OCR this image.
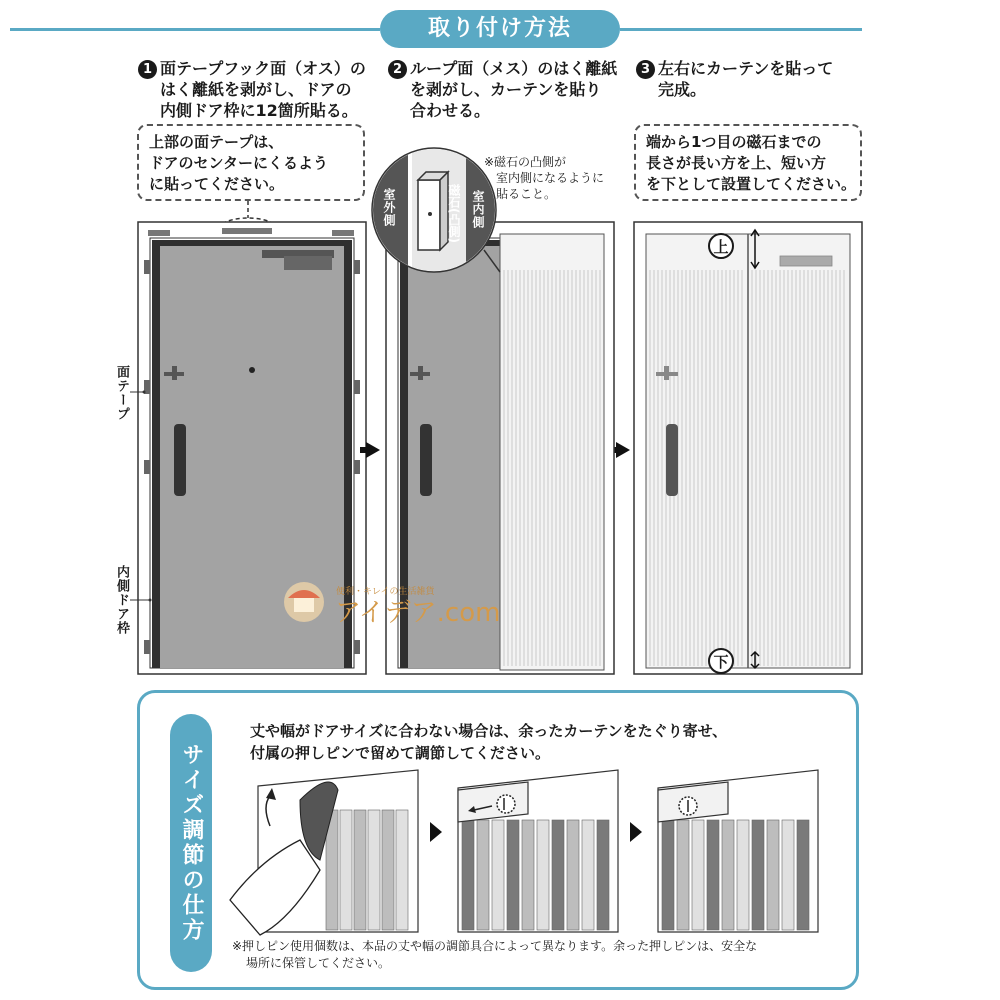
取り付け方法
1 面テープフック面（オス）の
はく離紙を剥がし、ドアの
内側ドア枠に12箇所貼る。
2 ループ面（メス）のはく離紙
を剥がし、カーテンを貼り
合わせる。
3 左右にカーテンを貼って
完成。
上部の面テープは、
ドアのセンターにくるよう
に貼ってください。
端から1つ目の磁石までの
長さが長い方を上、短い方
を下として設置してください。
※磁石の凸側が
室内側になるように
貼ること。
面テープ
内側ドア枠
室外側	室内側
磁石(凸側)
上
下
便利・キレイの生活雑貨
アイデア.com
サイズ調節の仕方
丈や幅がドアサイズに合わない場合は、余ったカーテンをたぐり寄せ、
付属の押しピンで留めて調節してください。
※押しピン使用個数は、本品の丈や幅の調節具合によって異なります。余った押しピンは、安全な
場所に保管してください。
